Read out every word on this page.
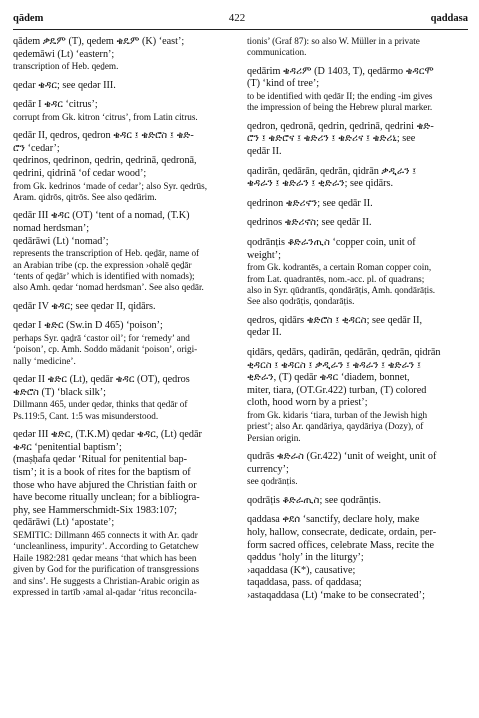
qādem	422	qaddasa
qādem ቃዴም (T), qedem ቄዴም (K) ‘east’;
qedemāwi (Lt) ‘eastern’;
transcription of Heb. qeḏem.
qedar ቄዳር; see qedər III.
qedār I ቄዳር ‘citrus’;
corrupt from Gk. kitron ‘citrus’, from Latin citrus.
qedār II, qedros, qedron ቄዳር ፤ ቄድሮስ ፤ ቄድ-
ሮን ‘cedar’;
qedrinos, qedrinon, qedrin, qedrinā, qedronā,
qedrini, qidrinā ‘of cedar wood’;
from Gk. kedrinos ‘made of cedar’; also Syr. qedrūs,
Aram. qidrōs, qitrōs. See also qedārim.
qedār III ቄዳር (OT) ‘tent of a nomad, (T.K)
nomad herdsman’;
qedārāwi (Lt) ‘nomad’;
represents the transcription of Heb. qeḏār, name of
an Arabian tribe (cp. the expression ›ohǝlē qeḏār
‘tents of qeḏār’ which is identified with nomads);
also Amh. qedar ‘nomad herdsman’. See also qedār.
qedār IV ቄዳር; see qedər II, qidārs.
qedər I ቄድር (Sw.in D 465) ‘poison’;
perhaps Syr. qaḏrā ‘castor oil’; for ‘remedy’ and
‘poison’, cp. Amh. Soddo mädanit ‘poison’, origi-
nally ‘medicine’.
qedər II ቄድር (Lt), qedār ቄዳር (OT), qedros
ቄድሮስ (T) ‘black silk’;
Dillmann 465, under qedər, thinks that qedār of
Ps.119:5, Cant. 1:5 was misunderstood.
qedər III ቄድር, (T.K.M) qedar ቄዳር, (Lt) qedār
ቄዳር ‘penitential baptism’;
(maṣḥafa qedər ‘Ritual for penitential bap-
tism’; it is a book of rites for the baptism of
those who have abjured the Christian faith or
have become ritually unclean; for a bibliogra-
phy, see Hammerschmidt-Six 1983:107;
qedārāwi (Lt) ‘apostate’;
SEMITIC: Dillmann 465 connects it with Ar. qadr
‘uncleanliness, impurity’. According to Getatchew
Haile 1982:281 qedər means ‘that which has been
given by God for the purification of transgressions
and sins’. He suggests a Christian-Arabic origin as
expressed in tartīb ›amal al-qadar ‘ritus reconcila-
tionis’ (Graf 87): so also W. Müller in a private
communication.
qedārim ቄዳሪም (D 1403, T), qedārmo ቄዳርሞ
(T) ‘kind of tree’;
to be identified with qedār II; the ending -im gives
the impression of being the Hebrew plural marker.
qedron, qedronā, qedrin, qedrinā, qedrini ቄድ-
ሮን ፤ ቄድሮና ፤ ቄድሪን ፤ ቄድሪና ፤ ቄድሪኒ; see
qedār II.
qadirān, qedārān, qedrān, qidrān ቃዲራን ፤
ቄዳራን ፤ ቄድራን ፤ ቂድራን; see qidārs.
qedrinon ቄድሪኖን; see qedār II.
qedrinos ቄድሪኖስ; see qedār II.
qodrānṭis ቆድራንጢስ ‘copper coin, unit of
weight’;
from Gk. kodrantēs, a certain Roman copper coin,
from Lat. quadrantēs, nom.-acc. pl. of quadrans;
also in Syr. qūdrantīs, qondārāṭis, Amh. qondārāṭis.
See also qodrāṭis, qondarāṭis.
qedros, qidārs ቄድሮስ ፤ ቂዳርስ; see qedār II,
qedər II.
qidārs, qedārs, qadirān, qedārān, qedrān, qidrān
ቂዳርስ ፤ ቄዳርስ ፤ ቃዲራን ፤ ቄዳራን ፤ ቄድራን ፤
ቂድራን, (T) qedār ቄዳር ‘diadem, bonnet,
miter, tiara, (OT.Gr.422) turban, (T) colored
cloth, hood worn by a priest’;
from Gk. kidaris ‘tiara, turban of the Jewish high
priest’; also Ar. qandāriya, qaydāriya (Dozy), of
Persian origin.
qudrās ቁድራስ (Gr.422) ‘unit of weight, unit of
currency’;
see qodrānṭis.
qodrāṭis ቆድራጢስ; see qodrānṭis.
qaddasa ቀደሰ ‘sanctify, declare holy, make
holy, hallow, consecrate, dedicate, ordain, per-
form sacred offices, celebrate Mass, recite the
qəddus ‘holy’ in the liturgy’;
›aqaddasa (K*), causative;
taqaddasa, pass. of qaddasa;
›astaqaddasa (Lt) ‘make to be consecrated’;
